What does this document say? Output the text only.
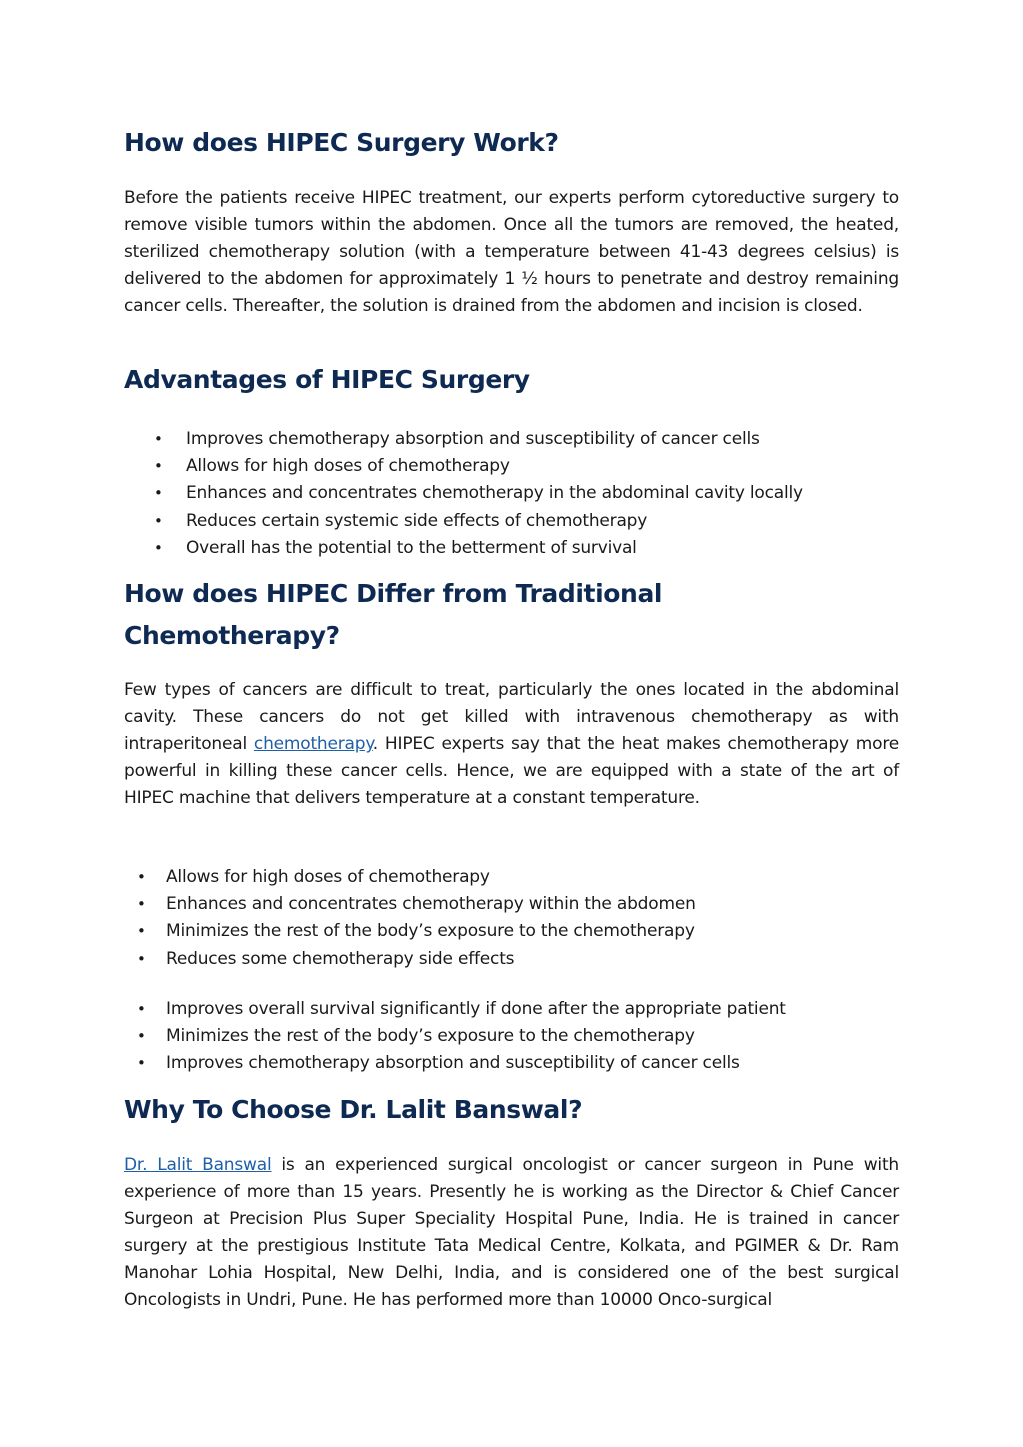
How does HIPEC Surgery Work?

Before the patients receive HIPEC treatment, our experts perform cytoreductive surgery to remove visible tumors within the abdomen. Once all the tumors are removed, the heated, sterilized chemotherapy solution (with a temperature between 41-43 degrees celsius) is delivered to the abdomen for approximately 1 ½ hours to penetrate and destroy remaining cancer cells. Thereafter, the solution is drained from the abdomen and incision is closed.

Advantages of HIPEC Surgery
• Improves chemotherapy absorption and susceptibility of cancer cells
• Allows for high doses of chemotherapy
• Enhances and concentrates chemotherapy in the abdominal cavity locally
• Reduces certain systemic side effects of chemotherapy
• Overall has the potential to the betterment of survival
How does HIPEC Differ from Traditional
Chemotherapy?

Few types of cancers are difficult to treat, particularly the ones located in the abdominal cavity. These cancers do not get killed with intravenous chemotherapy as with intraperitoneal chemotherapy. HIPEC experts say that the heat makes chemotherapy more powerful in killing these cancer cells. Hence, we are equipped with a state of the art of HIPEC machine that delivers temperature at a constant temperature.

• Allows for high doses of chemotherapy
• Enhances and concentrates chemotherapy within the abdomen
• Minimizes the rest of the body’s exposure to the chemotherapy
• Reduces some chemotherapy side effects
• Improves overall survival significantly if done after the appropriate patient
• Minimizes the rest of the body’s exposure to the chemotherapy
• Improves chemotherapy absorption and susceptibility of cancer cells
Why To Choose Dr. Lalit Banswal?

Dr. Lalit Banswal is an experienced surgical oncologist or cancer surgeon in Pune with experience of more than 15 years. Presently he is working as the Director & Chief Cancer Surgeon at Precision Plus Super Speciality Hospital Pune, India. He is trained in cancer surgery at the prestigious Institute Tata Medical Centre, Kolkata, and PGIMER & Dr. Ram Manohar Lohia Hospital, New Delhi, India, and is considered one of the best surgical Oncologists in Undri, Pune. He has performed more than 10000 Onco-surgical
